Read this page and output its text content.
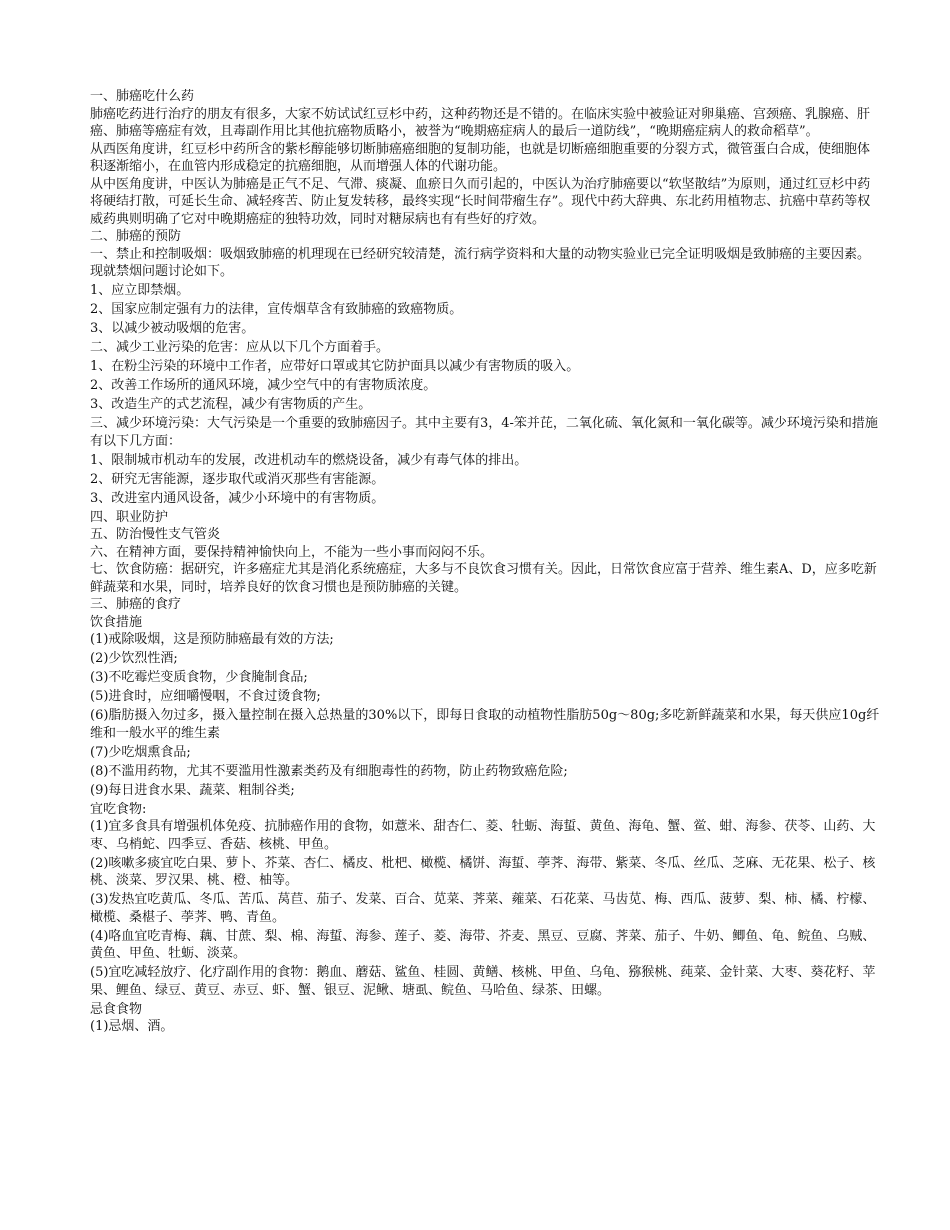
一、肺癌吃什么药
肺癌吃药进行治疗的朋友有很多，大家不妨试试红豆杉中药，这种药物还是不错的。在临床实验中被验证对卵巢癌、宫颈癌、乳腺癌、肝癌、肺癌等癌症有效，且毒副作用比其他抗癌物质略小，被誉为“晚期癌症病人的最后一道防线”，“晚期癌症病人的救命稻草”。
从西医角度讲，红豆杉中药所含的紫杉醇能够切断肺癌癌细胞的复制功能，也就是切断癌细胞重要的分裂方式，微管蛋白合成，使细胞体积逐渐缩小，在血管内形成稳定的抗癌细胞，从而增强人体的代谢功能。
从中医角度讲，中医认为肺癌是正气不足、气滞、痰凝、血瘀日久而引起的，中医认为治疗肺癌要以“软坚散结”为原则，通过红豆杉中药将硬结打散，可延长生命、减轻疼苦、防止复发转移，最终实现“长时间带瘤生存”。现代中药大辞典、东北药用植物志、抗癌中草药等权威药典则明确了它对中晚期癌症的独特功效，同时对糖尿病也有有些好的疗效。
二、肺癌的预防
一、禁止和控制吸烟：吸烟致肺癌的机理现在已经研究较清楚，流行病学资料和大量的动物实验业已完全证明吸烟是致肺癌的主要因素。现就禁烟问题讨论如下。
1、应立即禁烟。
2、国家应制定强有力的法律，宣传烟草含有致肺癌的致癌物质。
3、以减少被动吸烟的危害。
二、减少工业污染的危害：应从以下几个方面着手。
1、在粉尘污染的环境中工作者，应带好口罩或其它防护面具以减少有害物质的吸入。
2、改善工作场所的通风环境，减少空气中的有害物质浓度。
3、改造生产的式艺流程，减少有害物质的产生。
三、减少环境污染：大气污染是一个重要的致肺癌因子。其中主要有3，4-笨并芘，二氧化硫、氧化氮和一氧化碳等。减少环境污染和措施有以下几方面：
1、限制城市机动车的发展，改进机动车的燃烧设备，减少有毒气体的排出。
2、研究无害能源，逐步取代或消灭那些有害能源。
3、改进室内通风设备，减少小环境中的有害物质。
四、职业防护
五、防治慢性支气管炎
六、在精神方面，要保持精神愉快向上，不能为一些小事而闷闷不乐。
七、饮食防癌：据研究，许多癌症尤其是消化系统癌症，大多与不良饮食习惯有关。因此，日常饮食应富于营养、维生素A、D，应多吃新鲜蔬菜和水果，同时，培养良好的饮食习惯也是预防肺癌的关键。
三、肺癌的食疗
饮食措施
(1)戒除吸烟，这是预防肺癌最有效的方法;
(2)少饮烈性酒;
(3)不吃霉烂变质食物，少食腌制食品;
(5)进食时，应细嚼慢咽，不食过烫食物;
(6)脂肪摄入勿过多，摄入量控制在摄入总热量的30%以下，即每日食取的动植物性脂肪50g～80g;多吃新鲜蔬菜和水果，每天供应10g纤维和一般水平的维生素
(7)少吃烟熏食品;
(8)不滥用药物，尤其不要滥用性激素类药及有细胞毒性的药物，防止药物致癌危险;
(9)每日进食水果、蔬菜、粗制谷类;
宜吃食物:
(1)宜多食具有增强机体免疫、抗肺癌作用的食物，如薏米、甜杏仁、菱、牡蛎、海蜇、黄鱼、海龟、蟹、鲎、蚶、海参、茯苓、山药、大枣、乌梢蛇、四季豆、香菇、核桃、甲鱼。
(2)咳嗽多痰宜吃白果、萝卜、芥菜、杏仁、橘皮、枇杷、橄榄、橘饼、海蜇、荸荠、海带、紫菜、冬瓜、丝瓜、芝麻、无花果、松子、核桃、淡菜、罗汉果、桃、橙、柚等。
(3)发热宜吃黄瓜、冬瓜、苦瓜、莴苣、茄子、发菜、百合、苋菜、荠菜、蕹菜、石花菜、马齿苋、梅、西瓜、菠萝、梨、柿、橘、柠檬、橄榄、桑椹子、荸荠、鸭、青鱼。
(4)咯血宜吃青梅、藕、甘蔗、梨、棉、海蜇、海参、莲子、菱、海带、芥麦、黑豆、豆腐、荠菜、茄子、牛奶、鲫鱼、龟、鲩鱼、乌贼、黄鱼、甲鱼、牡蛎、淡菜。
(5)宜吃减轻放疗、化疗副作用的食物：鹅血、蘑菇、鲨鱼、桂圆、黄鳝、核桃、甲鱼、乌龟、猕猴桃、莼菜、金针菜、大枣、葵花籽、苹果、鲤鱼、绿豆、黄豆、赤豆、虾、蟹、银豆、泥鳅、塘虱、鲩鱼、马哈鱼、绿茶、田螺。
忌食食物
(1)忌烟、酒。
